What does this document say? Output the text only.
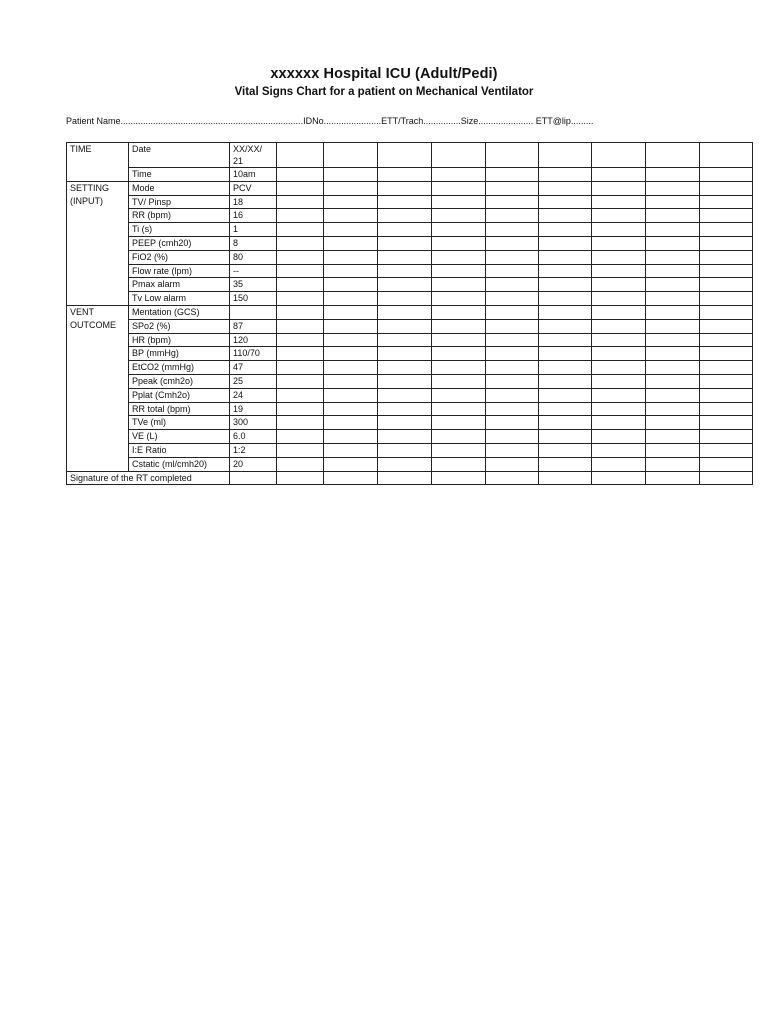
xxxxxx Hospital ICU (Adult/Pedi)
Vital Signs Chart for a patient on Mechanical Ventilator
Patient Name.........................................................................IDNo.......................ETT/Trach...............Size...................... ETT@lip.........
TIME	Date	XX/XX/ 21									
	Time	10am									
SETTING (INPUT)	Mode	PCV									
	TV/ Pinsp	18									
	RR (bpm)	16									
	Ti (s)	1									
	PEEP (cmh20)	8									
	FiO2 (%)	80									
	Flow rate (lpm)	--									
	Pmax alarm	35									
	Tv Low alarm	150									
VENT OUTCOME	Mentation (GCS)										
	SPo2 (%)	87									
	HR (bpm)	120									
	BP (mmHg)	110/70									
	EtCO2 (mmHg)	47									
	Ppeak (cmh2o)	25									
	Pplat (Cmh2o)	24									
	RR total (bpm)	19									
	TVe (ml)	300									
	VE (L)	6.0									
	I:E Ratio	1:2									
	Cstatic (ml/cmh20)	20									
Signature of the RT completed											
